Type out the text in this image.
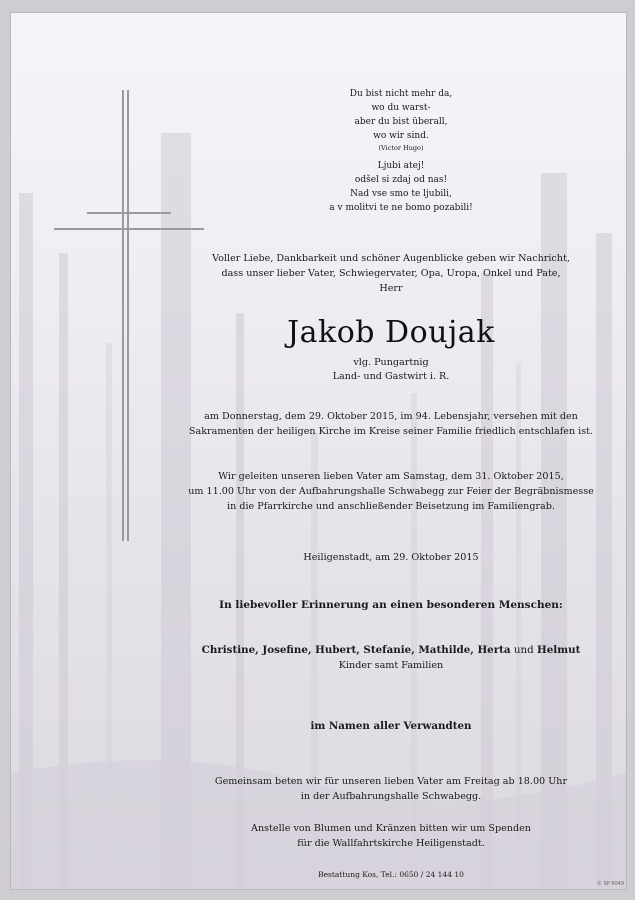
Du bist nicht mehr da,
wo du warst-
aber du bist überall,
wo wir sind.
(Victor Hugo)
Ljubi atej!
odšel si zdaj od nas!
Nad vse smo te ljubili,
a v molitvi te ne bomo pozabili!
Voller Liebe, Dankbarkeit und schöner Augenblicke geben wir Nachricht,
dass unser lieber Vater, Schwiegervater, Opa, Uropa, Onkel und Pate,
Herr
Jakob Doujak
vlg. Pungartnig
Land- und Gastwirt i. R.
am Donnerstag, dem 29. Oktober 2015, im 94. Lebensjahr, versehen mit den
Sakramenten der heiligen Kirche im Kreise seiner Familie friedlich entschlafen ist.
Wir geleiten unseren lieben Vater am Samstag, dem 31. Oktober 2015,
um 11.00 Uhr von der Aufbahrungshalle Schwabegg zur Feier der Begräbnismesse
in die Pfarrkirche und anschließender Beisetzung im Familiengrab.
Heiligenstadt, am 29. Oktober 2015
In liebevoller Erinnerung an einen besonderen Menschen:
Christine, Josefine, Hubert, Stefanie, Mathilde, Herta und Helmut
Kinder samt Familien
im Namen aller Verwandten
Gemeinsam beten wir für unseren lieben Vater am Freitag ab 18.00 Uhr
in der Aufbahrungshalle Schwabegg.
Anstelle von Blumen und Kränzen bitten wir um Spenden
für die Wallfahrtskirche Heiligenstadt.
Bestattung Kos, Tel.: 0650 / 24 144 10
© SP 9049
